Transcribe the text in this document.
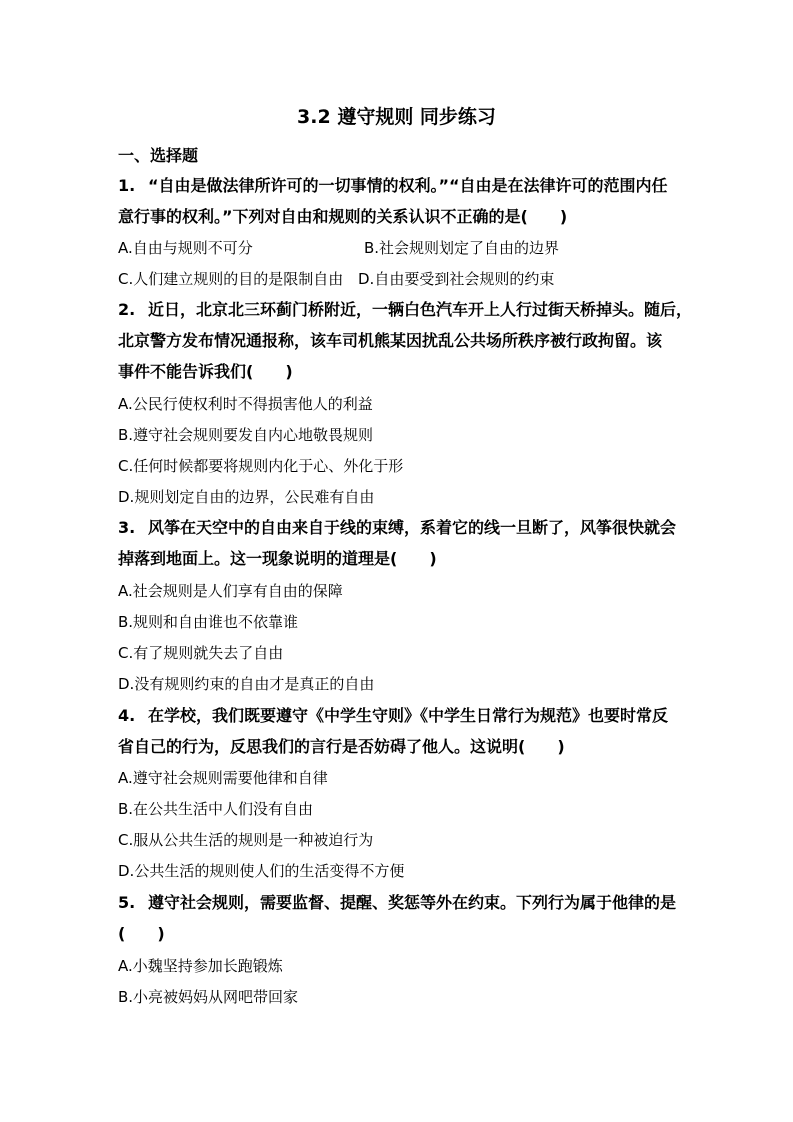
3.2 遵守规则 同步练习
一、选择题
1. “自由是做法律所许可的一切事情的权利。”“自由是在法律许可的范围内任
意行事的权利。”下列对自由和规则的关系认识不正确的是(　　)
A.自由与规则不可分	B.社会规则划定了自由的边界
C.人们建立规则的目的是限制自由 D.自由要受到社会规则的约束
2. 近日，北京北三环蓟门桥附近，一辆白色汽车开上人行过街天桥掉头。随后，
北京警方发布情况通报称，该车司机熊某因扰乱公共场所秩序被行政拘留。该
事件不能告诉我们(　　)
A.公民行使权利时不得损害他人的利益
B.遵守社会规则要发自内心地敬畏规则
C.任何时候都要将规则内化于心、外化于形
D.规则划定自由的边界，公民难有自由
3. 风筝在天空中的自由来自于线的束缚，系着它的线一旦断了，风筝很快就会
掉落到地面上。这一现象说明的道理是(　　)
A.社会规则是人们享有自由的保障
B.规则和自由谁也不依靠谁
C.有了规则就失去了自由
D.没有规则约束的自由才是真正的自由
4. 在学校，我们既要遵守《中学生守则》《中学生日常行为规范》也要时常反
省自己的行为，反思我们的言行是否妨碍了他人。这说明(　　)
A.遵守社会规则需要他律和自律
B.在公共生活中人们没有自由
C.服从公共生活的规则是一种被迫行为
D.公共生活的规则使人们的生活变得不方便
5. 遵守社会规则，需要监督、提醒、奖惩等外在约束。下列行为属于他律的是
(　　)
A.小魏坚持参加长跑锻炼
B.小亮被妈妈从网吧带回家
